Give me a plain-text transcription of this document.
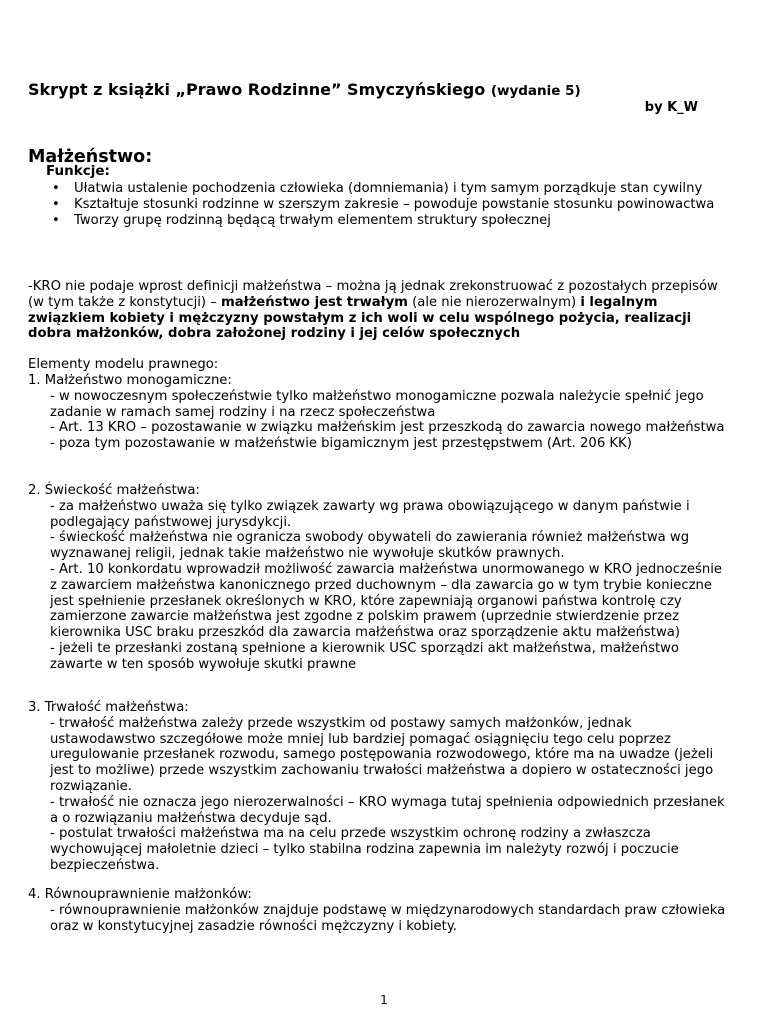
Skrypt z książki „Prawo Rodzinne” Smyczyńskiego (wydanie 5)
by K_W
Małżeństwo:
Funkcje:
• Ułatwia ustalenie pochodzenia człowieka (domniemania) i tym samym porządkuje stan cywilny
• Kształtuje stosunki rodzinne w szerszym zakresie – powoduje powstanie stosunku powinowactwa
• Tworzy grupę rodzinną będącą trwałym elementem struktury społecznej

-KRO nie podaje wprost definicji małżeństwa – można ją jednak zrekonstruować z pozostałych przepisów (w tym także z konstytucji) – małżeństwo jest trwałym (ale nie nierozerwalnym) i legalnym związkiem kobiety i mężczyzny powstałym z ich woli w celu wspólnego pożycia, realizacji dobra małżonków, dobra założonej rodziny i jej celów społecznych

Elementy modelu prawnego:

1. Małżeństwo monogamiczne:

- w nowoczesnym społeczeństwie tylko małżeństwo monogamiczne pozwala należycie spełnić jego zadanie w ramach samej rodziny i na rzecz społeczeństwa

- Art. 13 KRO – pozostawanie w związku małżeńskim jest przeszkodą do zawarcia nowego małżeństwa

- poza tym pozostawanie w małżeństwie bigamicznym jest przestępstwem (Art. 206 KK)

2. Świeckość małżeństwa:

- za małżeństwo uważa się tylko związek zawarty wg prawa obowiązującego w danym państwie i podlegający państwowej jurysdykcji.

- świeckość małżeństwa nie ogranicza swobody obywateli do zawierania również małżeństwa wg wyznawanej religii, jednak takie małżeństwo nie wywołuje skutków prawnych.

- Art. 10 konkordatu wprowadził możliwość zawarcia małżeństwa unormowanego w KRO jednocześnie z zawarciem małżeństwa kanonicznego przed duchownym – dla zawarcia go w tym trybie konieczne jest spełnienie przesłanek określonych w KRO, które zapewniają organowi państwa kontrolę czy zamierzone zawarcie małżeństwa jest zgodne z polskim prawem (uprzednie stwierdzenie przez kierownika USC braku przeszkód dla zawarcia małżeństwa oraz sporządzenie aktu małżeństwa)

- jeżeli te przesłanki zostaną spełnione a kierownik USC sporządzi akt małżeństwa, małżeństwo zawarte w ten sposób wywołuje skutki prawne

3. Trwałość małżeństwa:

- trwałość małżeństwa zależy przede wszystkim od postawy samych małżonków, jednak ustawodawstwo szczegółowe może mniej lub bardziej pomagać osiągnięciu tego celu poprzez uregulowanie przesłanek rozwodu, samego postępowania rozwodowego, które ma na uwadze (jeżeli jest to możliwe) przede wszystkim zachowaniu trwałości małżeństwa a dopiero w ostateczności jego rozwiązanie.

- trwałość nie oznacza jego nierozerwalności – KRO wymaga tutaj spełnienia odpowiednich przesłanek a o rozwiązaniu małżeństwa decyduje sąd.

- postulat trwałości małżeństwa ma na celu przede wszystkim ochronę rodziny a zwłaszcza wychowującej małoletnie dzieci – tylko stabilna rodzina zapewnia im należyty rozwój i poczucie bezpieczeństwa.

4. Równouprawnienie małżonków:

- równouprawnienie małżonków znajduje podstawę w międzynarodowych standardach praw człowieka oraz w konstytucyjnej zasadzie równości mężczyzny i kobiety.

1
